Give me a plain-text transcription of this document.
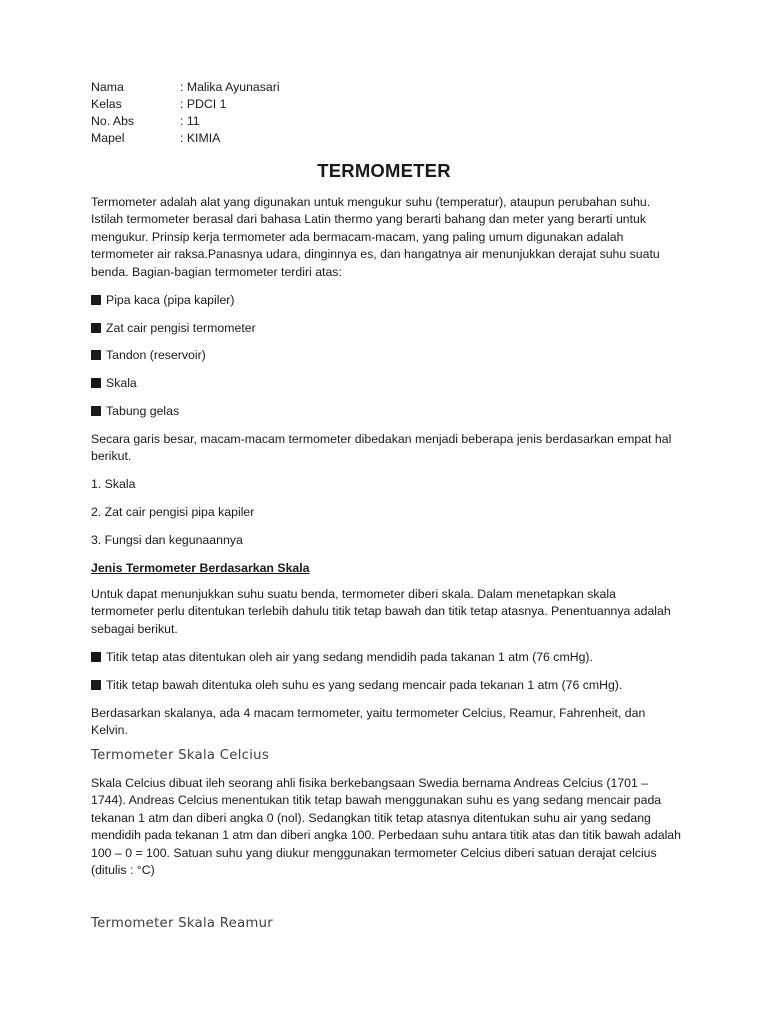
Nama	: Malika Ayunasari
Kelas	: PDCI 1
No. Abs	: 11
Mapel	: KIMIA
TERMOMETER

Termometer adalah alat yang digunakan untuk mengukur suhu (temperatur), ataupun perubahan suhu. Istilah termometer berasal dari bahasa Latin thermo yang berarti bahang dan meter yang berarti untuk mengukur. Prinsip kerja termometer ada bermacam-macam, yang paling umum digunakan adalah termometer air raksa.Panasnya udara, dinginnya es, dan hangatnya air menunjukkan derajat suhu suatu benda. Bagian-bagian termometer terdiri atas:

Pipa kaca (pipa kapiler)
Zat cair pengisi termometer
Tandon (reservoir)
Skala
Tabung gelas

Secara garis besar, macam-macam termometer dibedakan menjadi beberapa jenis berdasarkan empat hal berikut.

1. Skala
2. Zat cair pengisi pipa kapiler
3. Fungsi dan kegunaannya
Jenis Termometer Berdasarkan Skala

Untuk dapat menunjukkan suhu suatu benda, termometer diberi skala. Dalam menetapkan skala termometer perlu ditentukan terlebih dahulu titik tetap bawah dan titik tetap atasnya. Penentuannya adalah sebagai berikut.

Titik tetap atas ditentukan oleh air yang sedang mendidih pada takanan 1 atm (76 cmHg).
Titik tetap bawah ditentuka oleh suhu es yang sedang mencair pada tekanan 1 atm (76 cmHg).

Berdasarkan skalanya, ada 4 macam termometer, yaitu termometer Celcius, Reamur, Fahrenheit, dan Kelvin.

Termometer Skala Celcius

Skala Celcius dibuat ileh seorang ahli fisika berkebangsaan Swedia bernama Andreas Celcius (1701 – 1744). Andreas Celcius menentukan titik tetap bawah menggunakan suhu es yang sedang mencair pada tekanan 1 atm dan diberi angka 0 (nol). Sedangkan titik tetap atasnya ditentukan suhu air yang sedang mendidih pada tekanan 1 atm dan diberi angka 100. Perbedaan suhu antara titik atas dan titik bawah adalah 100 – 0 = 100. Satuan suhu yang diukur menggunakan termometer Celcius diberi satuan derajat celcius (ditulis : °C)

Termometer Skala Reamur
